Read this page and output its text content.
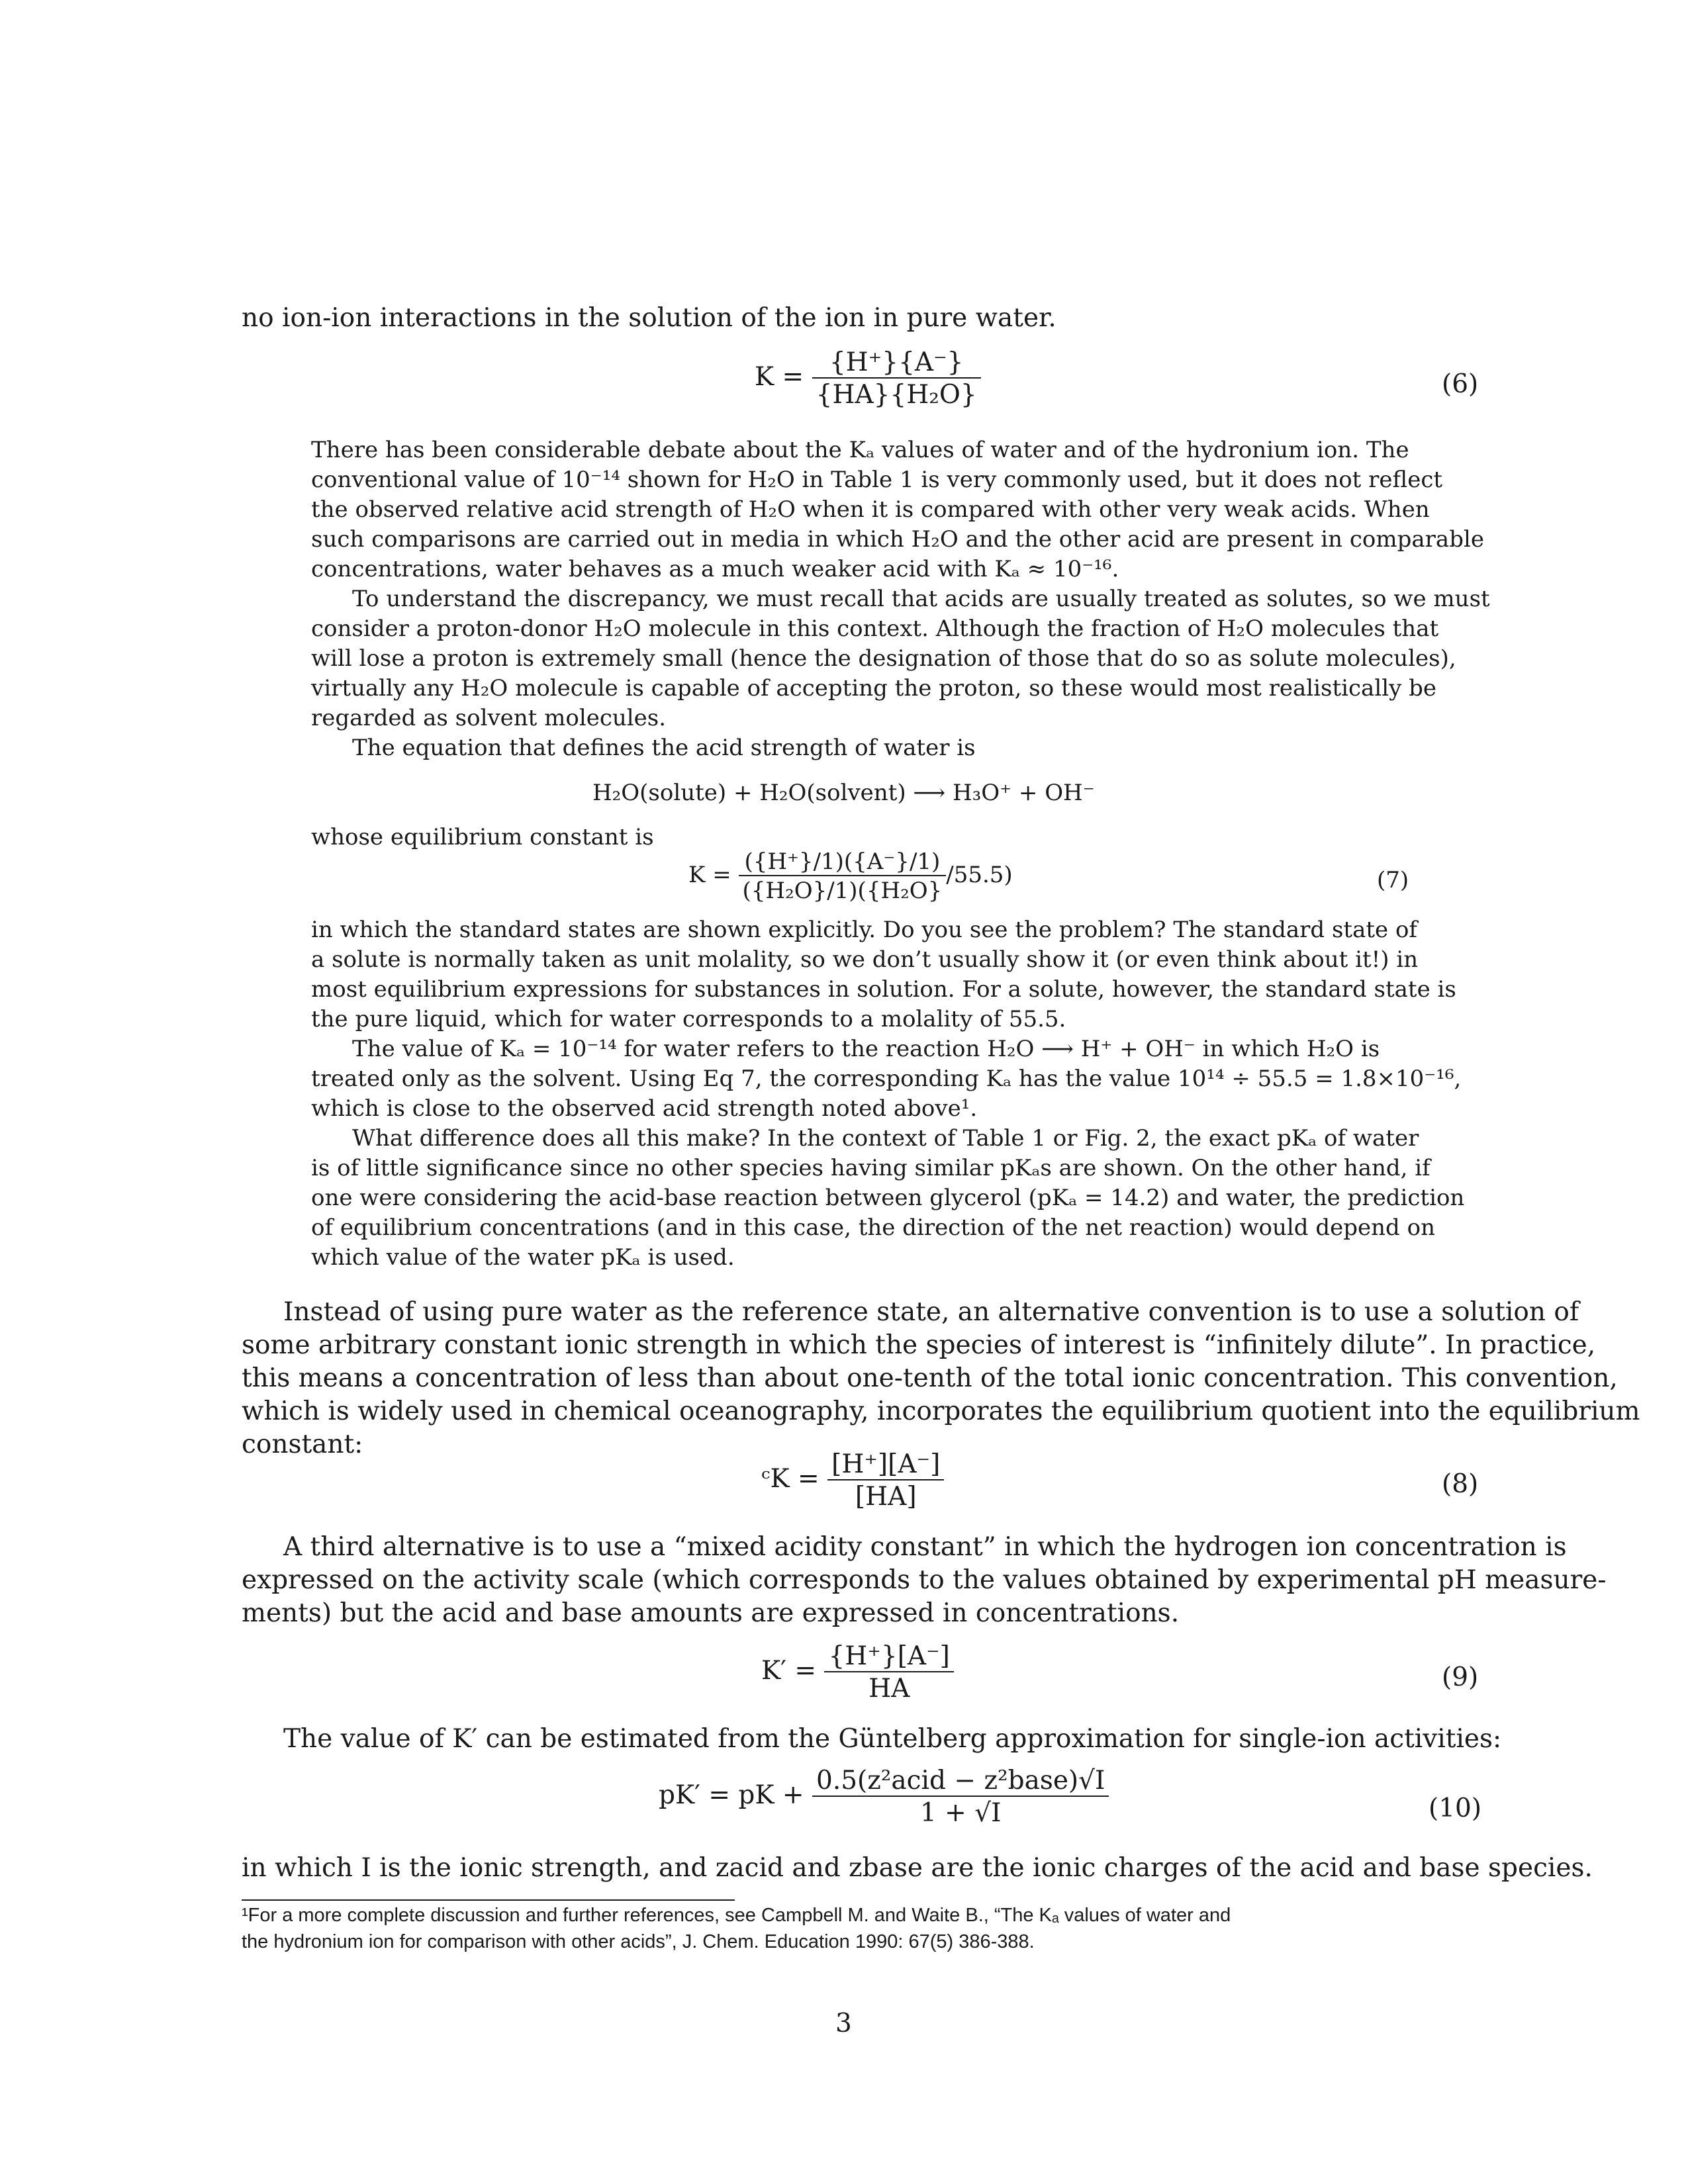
no ion-ion interactions in the solution of the ion in pure water.
$K = \frac{\{H^+\}\{A^-\}}{\text{\{HA\}\{H₂O\}}}$	(6)
There has been considerable debate about the Kₐ values of water and of the hydronium ion. The
conventional value of 10⁻¹⁴ shown for H₂O in Table 1 is very commonly used, but it does not reflect
the observed relative acid strength of H₂O when it is compared with other very weak acids. When
such comparisons are carried out in media in which H₂O and the other acid are present in comparable
concentrations, water behaves as a much weaker acid with Kₐ ≈ 10⁻¹⁶.
To understand the discrepancy, we must recall that acids are usually treated as solutes, so we must
consider a proton-donor H₂O molecule in this context. Although the fraction of H₂O molecules that
will lose a proton is extremely small (hence the designation of those that do so as solute molecules),
virtually any H₂O molecule is capable of accepting the proton, so these would most realistically be
regarded as solvent molecules.
The equation that defines the acid strength of water is
H₂O(solute) + H₂O(solvent) ⟶ H₃O⁺ + OH⁻
whose equilibrium constant is
$K = \frac{(\{H^+\}/1)(\{A^-\}/1)}{\text{(\{H₂O\}/1)(\{H₂O\}}} /55.5$)	(7)
in which the standard states are shown explicitly. Do you see the problem? The standard state of
a solute is normally taken as unit molality, so we don’t usually show it (or even think about it!) in
most equilibrium expressions for substances in solution. For a solute, however, the standard state is
the pure liquid, which for water corresponds to a molality of 55.5.
The value of Kₐ = 10⁻¹⁴ for water refers to the reaction H₂O ⟶ H⁺ + OH⁻ in which H₂O is
treated only as the solvent. Using Eq 7, the corresponding Kₐ has the value 10¹⁴ ÷ 55.5 = 1.8×10⁻¹⁶,
which is close to the observed acid strength noted above¹.
What difference does all this make? In the context of Table 1 or Fig. 2, the exact pKₐ of water
is of little significance since no other species having similar pKₐs are shown. On the other hand, if
one were considering the acid-base reaction between glycerol (pKₐ = 14.2) and water, the prediction
of equilibrium concentrations (and in this case, the direction of the net reaction) would depend on
which value of the water pKₐ is used.
Instead of using pure water as the reference state, an alternative convention is to use a solution of
some arbitrary constant ionic strength in which the species of interest is “infinitely dilute”. In practice,
this means a concentration of less than about one-tenth of the total ionic concentration. This convention,
which is widely used in chemical oceanography, incorporates the equilibrium quotient into the equilibrium
constant:
ᶜK = $\frac{[H^+][A^-]}{[HA]}$	(8)
A third alternative is to use a “mixed acidity constant” in which the hydrogen ion concentration is
expressed on the activity scale (which corresponds to the values obtained by experimental pH measure-
ments) but the acid and base amounts are expressed in concentrations.
$K' = \frac{\{H^+\}[A^-]}{HA}$	(9)
The value of K′ can be estimated from the Güntelberg approximation for single-ion activities:
pK′ = pK + $\frac{\text{0.5(z²acid − z²base)√I}}{1 + √I}$	(10)
in which I is the ionic strength, and zacid and zbase are the ionic charges of the acid and base species.
¹For a more complete discussion and further references, see Campbell M. and Waite B., “The Kₐ values of water and
the hydronium ion for comparison with other acids”, J. Chem. Education 1990: 67(5) 386-388.
3
